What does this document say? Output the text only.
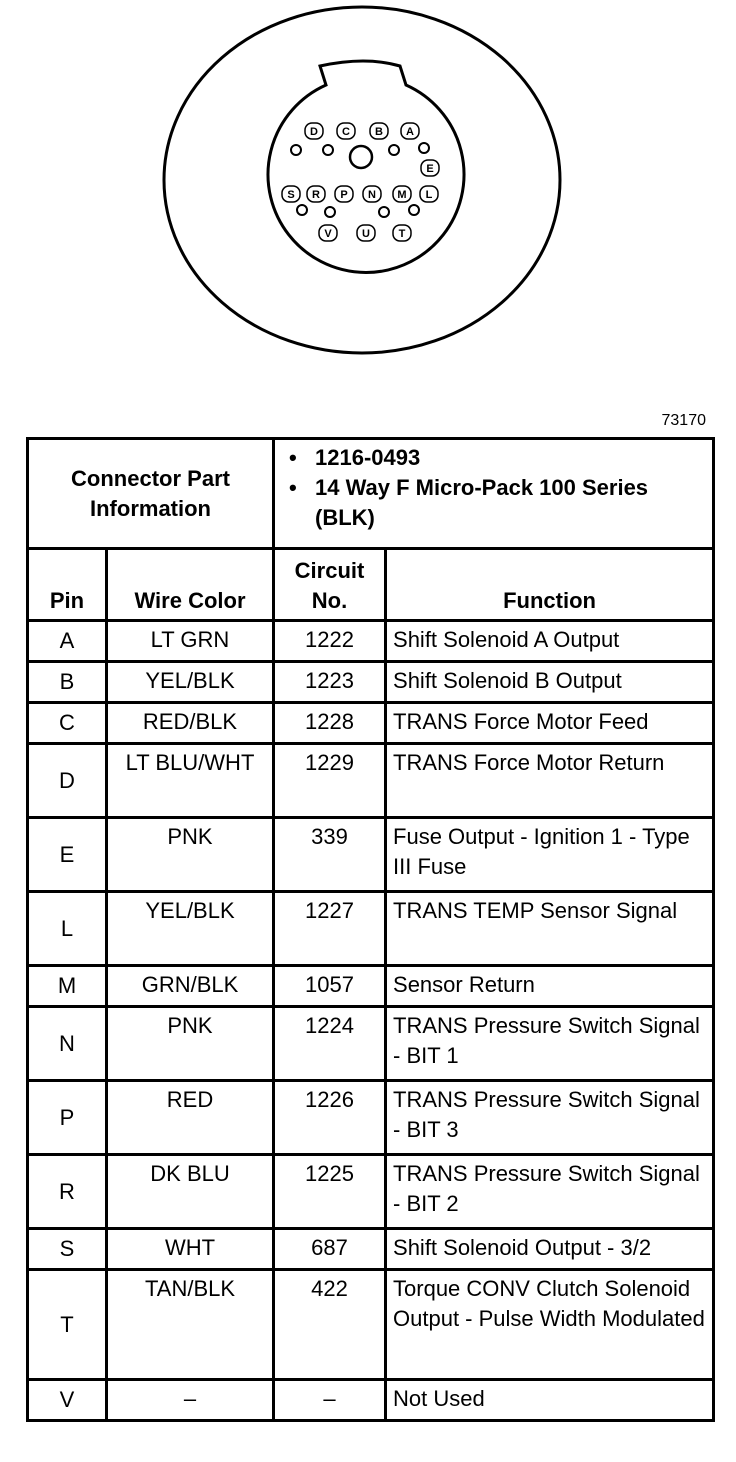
D C B A
E
S R P N M L
V	U	T
73170
Connector Part Information		• 1216-0493
• 14 Way F Micro-Pack 100 Series (BLK)

Pin	Wire Color	Circuit No.	Function
A	LT GRN	1222	Shift Solenoid A Output
B	YEL/BLK	1223	Shift Solenoid B Output
C	RED/BLK	1228	TRANS Force Motor Feed
D	LT BLU/WHT	1229	TRANS Force Motor Return
E	PNK	339	Fuse Output - Ignition 1 - Type III Fuse
L	YEL/BLK	1227	TRANS TEMP Sensor Signal
M	GRN/BLK	1057	Sensor Return
N	PNK	1224	TRANS Pressure Switch Signal - BIT 1
P	RED	1226	TRANS Pressure Switch Signal - BIT 3
R	DK BLU	1225	TRANS Pressure Switch Signal - BIT 2
S	WHT	687	Shift Solenoid Output - 3/2
T	TAN/BLK	422	Torque CONV Clutch Solenoid Output - Pulse Width Modulated
V	–	–	Not Used
